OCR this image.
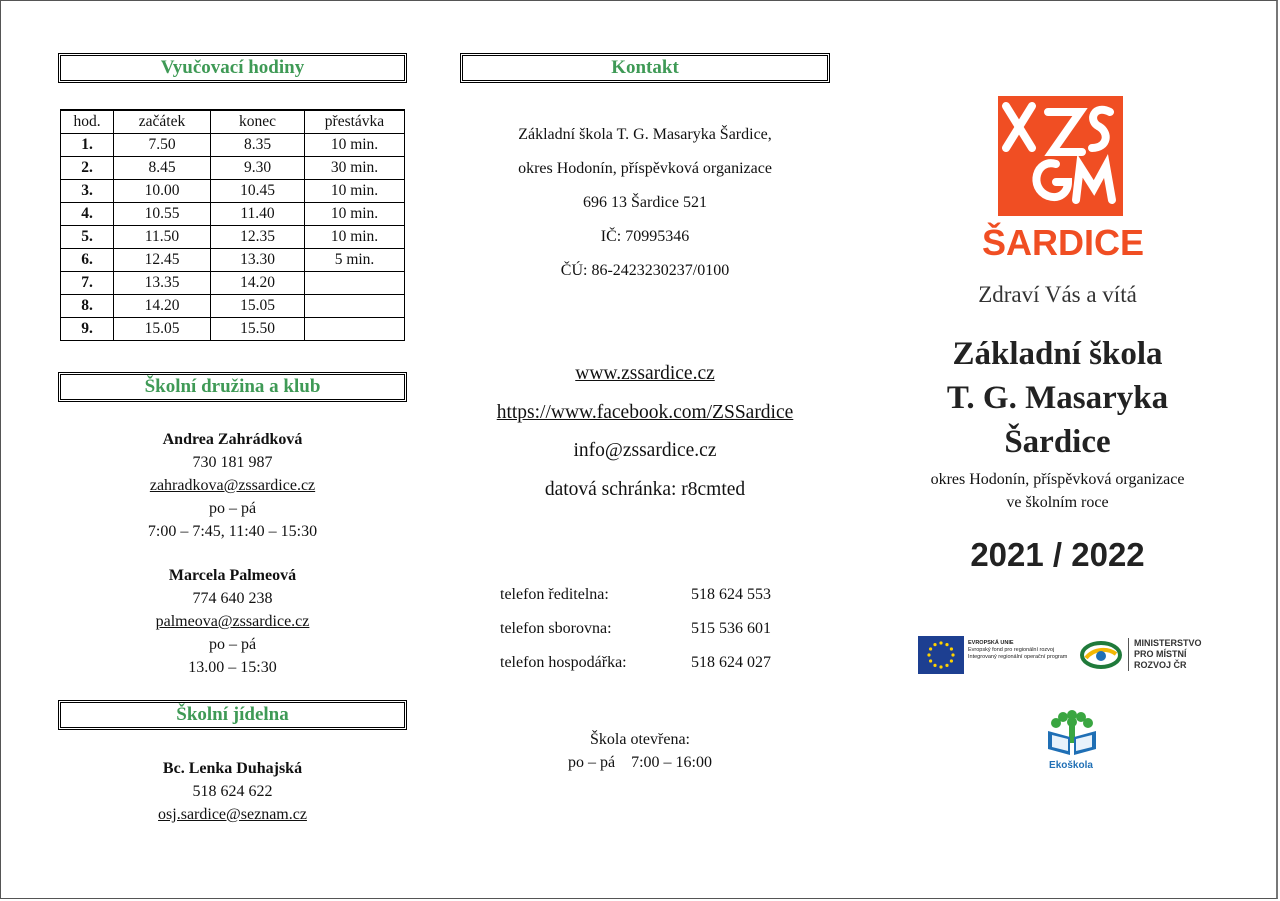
Vyučovací hodiny
hod.	začátek	konec	přestávka
1.	7.50	8.35	10 min.
2.	8.45	9.30	30 min.
3.	10.00	10.45	10 min.
4.	10.55	11.40	10 min.
5.	11.50	12.35	10 min.
6.	12.45	13.30	5 min.
7.	13.35	14.20	
8.	14.20	15.05	
9.	15.05	15.50	
Školní družina a klub
Andrea Zahrádková
730 181 987
zahradkova@zssardice.cz
po – pá
7:00 – 7:45, 11:40 – 15:30
Marcela Palmeová
774 640 238
palmeova@zssardice.cz
po – pá
13.00 – 15:30
Školní jídelna
Bc. Lenka Duhajská
518 624 622
osj.sardice@seznam.cz
Kontakt
Základní škola T. G. Masaryka Šardice,
okres Hodonín, příspěvková organizace
696 13 Šardice 521
IČ: 70995346
ČÚ: 86-2423230237/0100
www.zssardice.cz
https://www.facebook.com/ZSSardice
info@zssardice.cz
datová schránka: r8cmted
telefon ředitelna:	518 624 553
telefon sborovna:	515 536 601
telefon hospodářka:	518 624 027
Škola otevřena:
po – pá 7:00 – 16:00
ŠARDICE
Zdraví Vás a vítá
Základní škola
T. G. Masaryka
Šardice
okres Hodonín, příspěvková organizace
ve školním roce
2021 / 2022
EVROPSKÁ UNIE
Evropský fond pro regionální rozvoj
Integrovaný regionální operační program
MINISTERSTVO
PRO MÍSTNÍ
ROZVOJ ČR
Ekoškola
